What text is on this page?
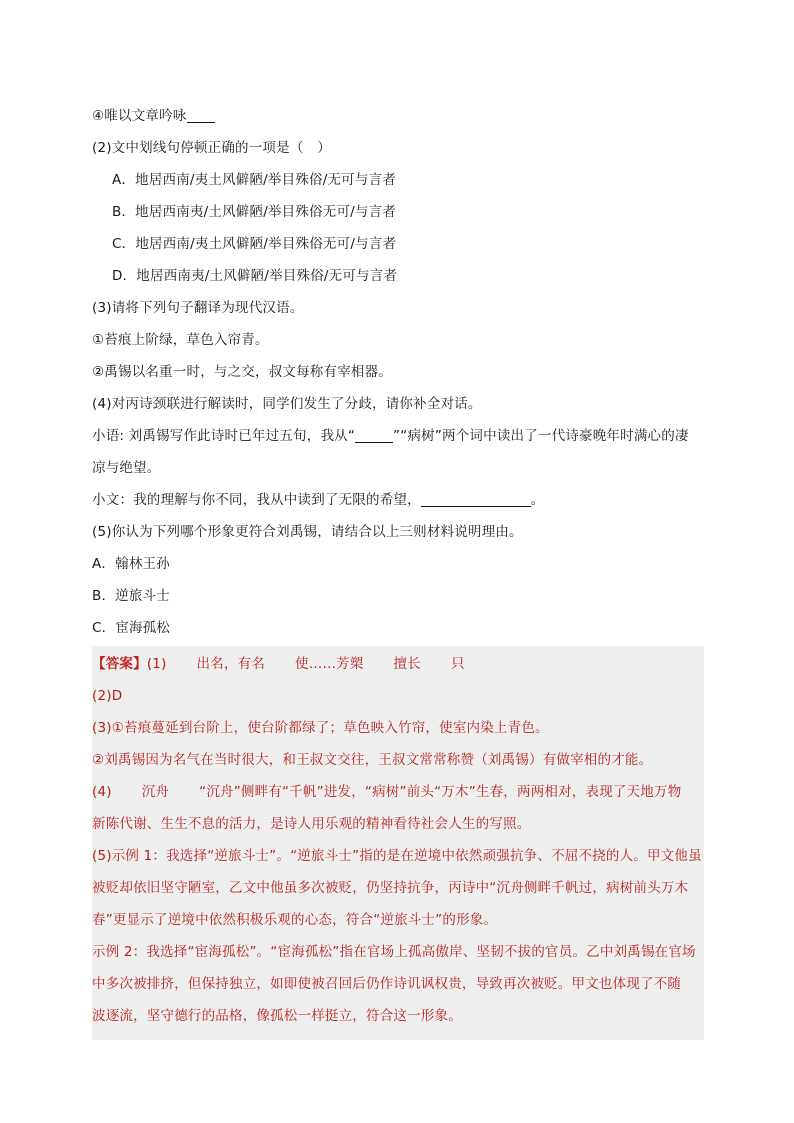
④唯以文章吟咏
(2)文中划线句停顿正确的一项是（　）
A．地居西南/夷土风僻陋/举目殊俗/无可与言者
B．地居西南夷/土风僻陋/举目殊俗无可/与言者
C．地居西南/夷土风僻陋/举目殊俗无可/与言者
D．地居西南夷/土风僻陋/举目殊俗/无可与言者
(3)请将下列句子翻译为现代汉语。
①苔痕上阶绿，草色入帘青。
②禹锡以名重一时，与之交，叔文每称有宰相器。
(4)对丙诗颈联进行解读时，同学们发生了分歧，请你补全对话。
小语: 刘禹锡写作此诗时已年过五旬，我从“	”“病树”两个词中读出了一代诗豪晚年时满心的凄
凉与绝望。
小文：我的理解与你不同，我从中读到了无限的希望，	。
(5)你认为下列哪个形象更符合刘禹锡，请结合以上三则材料说明理由。
A．翰林王孙
B．逆旅斗士
C．宦海孤松
【答案】(1) 出名，有名 使……芳槊 擅长 只
(2)D
(3)①苔痕蔓延到台阶上，使台阶都绿了；草色映入竹帘，使室内染上青色。
②刘禹锡因为名气在当时很大，和王叔文交往，王叔文常常称赞（刘禹锡）有做宰相的才能。
(4) 沉舟 “沉舟”侧畔有“千帆”进发，“病树”前头“万木”生春，两两相对，表现了天地万物
新陈代谢、生生不息的活力，是诗人用乐观的精神看待社会人生的写照。
(5)示例 1：我选择“逆旅斗士”。“逆旅斗士”指的是在逆境中依然顽强抗争、不屈不挠的人。甲文他虽
被贬却依旧坚守陋室，乙文中他虽多次被贬，仍坚持抗争，丙诗中“沉舟侧畔千帆过，病树前头万木
春”更显示了逆境中依然积极乐观的心态，符合“逆旅斗士”的形象。
示例 2：我选择“宦海孤松”。“宦海孤松”指在官场上孤高傲岸、坚韧不拔的官员。乙中刘禹锡在官场
中多次被排挤，但保持独立，如即使被召回后仍作诗讥讽权贵，导致再次被贬。甲文也体现了不随
波逐流，坚守德行的品格，像孤松一样挺立，符合这一形象。
